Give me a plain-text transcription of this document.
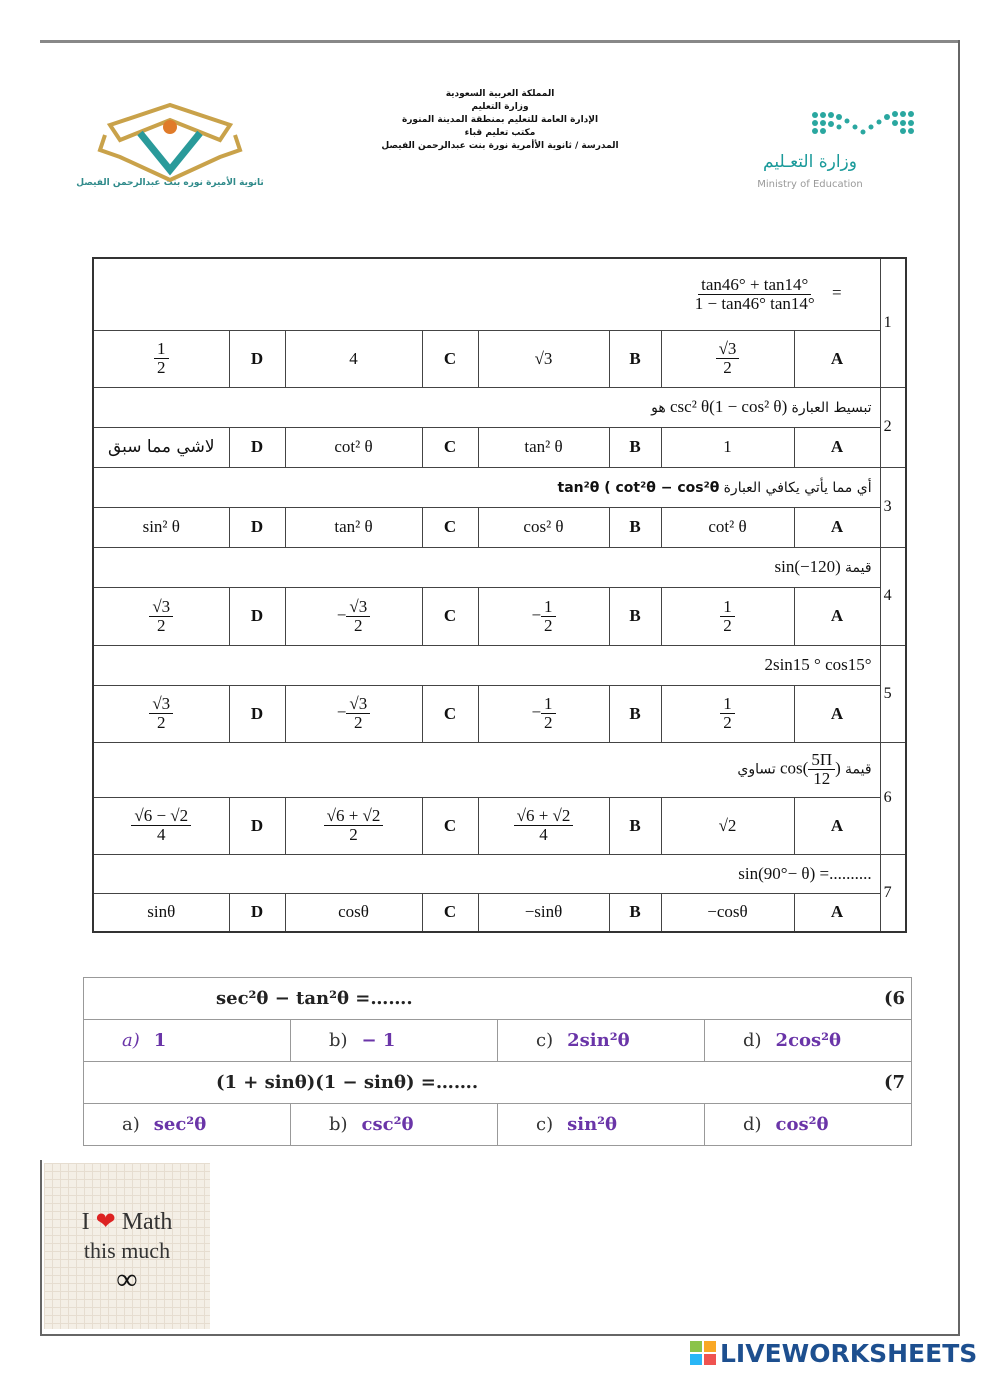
المملكة العربية السعودية
وزارة التعليم
الإدارة العامة للتعليم بمنطقة المدينة المنورة
مكتب تعليم قباء
المدرسة / ثانوية الأأمرية نورة بنت عبدالرحمن الفيصل
ثانوية الأميرة نوره بنت عبدالرحمن الفيصل
وزارة التعـليم
Ministry of Education
$\frac{\tan 46^\circ + \tan 14^\circ}{1 - \tan 46^\circ \tan 14^\circ}$ =								1

$\frac{1}{2}$	D	4	C	√3	B	$\frac{√3}{2}$	A	
هو csc² θ(1 − cos² θ) تبسيط العبارة								2
لاشي مما سبق	D	cot² θ	C	tan² θ	B	1	A	
tan²θ ( cot²θ − cos²θ أي مما يأتي يكافي العبارة								3
sin² θ	D	tan² θ	C	cos² θ	B	cot² θ	A	
sin(−120) قيمة								4

$\frac{√3}{2}$	D	− $\frac{√3}{2}$	C	− $\frac{1}{2}$	B	$\frac{1}{2}$	A	
2sin15 ° cos15°								5

$\frac{√3}{2}$	D	− $\frac{√3}{2}$	C	− $\frac{1}{2}$	B	$\frac{1}{2}$	A	
تساوي $\cos( \frac{5\Pi}{12}$ ) قيمة								6

$\frac{√6 - √2}{4}$	D	$\frac{√6 + √2}{2}$	C	$\frac{√6 + √2}{4}$	B	√2	A	
sin(90°− θ) =..........								7
sinθ	D	cosθ	C	−sinθ	B	−cosθ	A	
sec²θ − tan²θ =……. (6			

a) 1	b) − 1	c) 2sin²θ	d) 2cos²θ

(1 + sinθ)(1 − sinθ) =……. (7			

a) sec²θ	b) csc²θ	c) sin²θ	d) cos²θ
I ❤ Math
this much
∞
LIVEWORKSHEETS
